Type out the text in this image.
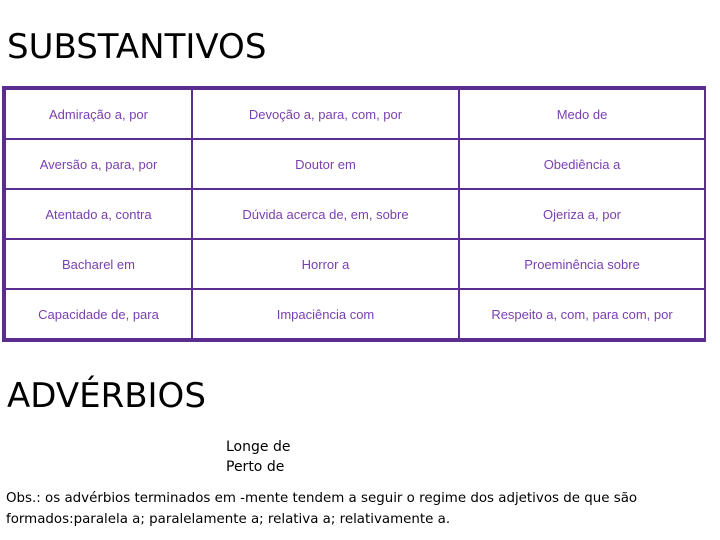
SUBSTANTIVOS
Admiração a, por	Devoção a, para, com, por	Medo de
Aversão a, para, por	Doutor em	Obediência a
Atentado a, contra	Dúvida acerca de, em, sobre	Ojeriza a, por
Bacharel em	Horror a	Proeminência sobre
Capacidade de, para	Impaciência com	Respeito a, com, para com, por
ADVÉRBIOS
Longe de
Perto de

Obs.: os advérbios terminados em -mente tendem a seguir o regime dos adjetivos de que são formados:paralela a; paralelamente a; relativa a; relativamente a.
